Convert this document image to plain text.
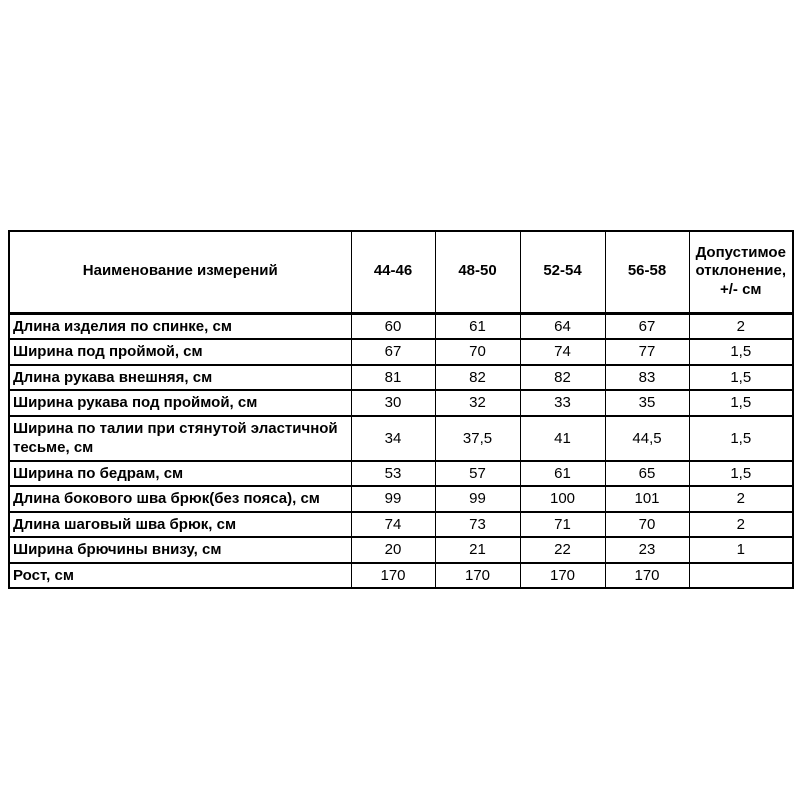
Наименование измерений	44-46	48-50	52-54	56-58	Допустимое отклонение, +/- см
Длина изделия по спинке, см	60	61	64	67	2
Ширина под проймой, см	67	70	74	77	1,5
Длина рукава внешняя, см	81	82	82	83	1,5
Ширина рукава под проймой, см	30	32	33	35	1,5
Ширина по талии при стянутой эластичной тесьме, см	34	37,5	41	44,5	1,5
Ширина по бедрам, см	53	57	61	65	1,5
Длина бокового шва брюк(без пояса), см	99	99	100	101	2
Длина шаговый шва брюк, см	74	73	71	70	2
Ширина брючины внизу, см	20	21	22	23	1
Рост, см	170	170	170	170	
